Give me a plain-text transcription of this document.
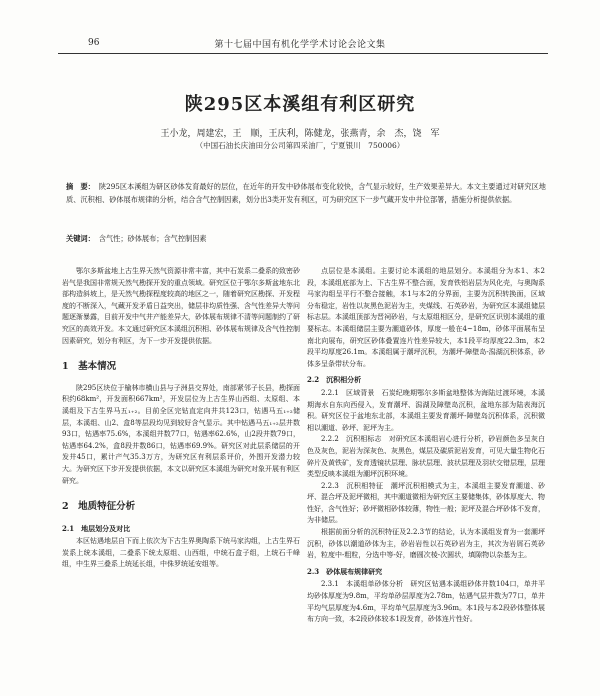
96	第十七届中国有机化学学术讨论会论文集
陕295区本溪组有利区研究
王小龙，周建宏，王　顺，王庆利，陈健龙，张燕青，余　杰，饶　军
（中国石油长庆油田分公司第四采油厂，宁夏银川　750006）
摘　要： 陕295区本溪组为研区砂体发育最好的层位，在近年的开发中砂体展布变化较快，含气显示较好，生产效果差异大。本文主要通过对研究区地质、沉积相、砂体展布规律的分析，结合含气控制因素，划分出3类开发有利区，可为研究区下一步气藏开发中井位部署，措施分析提供依据。
关键词： 含气性；砂体展布；含气控制因素

鄂尔多斯盆地上古生界天然气资源非常丰富，其中石炭系二叠系的致密砂岩气是我国非常规天然气勘探开发的重点领域。研究区位于鄂尔多斯盆地东北部构造斜坡上，是天然气勘探程度较高的地区之一，随着研究区勘探、开发程度的不断深入，气藏开发矛盾日益突出，储层非均质性强、含气性差异大等问题逐渐暴露，目前开发中气井产能差异大，砂体展布规律不清等问题制约了研究区的高效开发。本文通过研究区本溪组沉积相、砂体展布规律及含气性控制因素研究，划分有利区，为下一步开发提供依据。

1　基本情况

陕295区块位于榆林市横山县与子洲县交界处，南部紧邻子长县，勘探面积约68km²，开发面积667km²，开发层位为上古生界山西组、太原组、本溪组及下古生界马五₁₊₂。目前全区完钻直定向井共123口，钻遇马五₁₊₂储层，本溪组、山2、盒8等层段均见到较好含气显示。其中钻遇马五₁₊₂层井数93口，钻遇率75.6%，本溪组井数77口，钻遇率62.6%，山2段井数79口，钻遇率64.2%，盒8段井数86口，钻遇率69.9%。研究区对此层系储层的开发井45口，累计产气35.3万方，为研究区有利层系评价，外围开发潜力较大。为研究区下步开发提供依据，本文以研究区本溪组为研究对象开展有利区研究。

2　地质特征分析
2.1　地层划分及对比

本区钻遇地层自下而上依次为下古生界奥陶系下统马家沟组，上古生界石炭系上统本溪组，二叠系下统太原组、山西组，中统石盒子组，上统石千峰组，中生界三叠系上统延长组，中侏罗统延安组等。

点层位是本溪组。主要讨论本溪组的地层划分。本溪组分为本1、本2段，本溪组底部为上、下古生界不整合面，发育铁铝岩层为风化壳，与奥陶系马家沟组呈平行不整合接触，本1与本2的分界面，主要为沉积转换面，区域分布稳定，岩性以灰黑色泥岩为主，夹煤线、石英砂岩，为研究区本溪组储层标志层。本溪组顶部为晋祠砂岩，与太原组相区分，是研究区识别本溪组的重要标志。本溪组储层主要为潮道砂体，厚度一般在4~18m，砂体平面展布呈南北向展布，研究区砂体叠置连片性差异较大，本1段平均厚度22.3m，本2段平均厚度26.1m。本溪组属于潮坪沉积，为潮坪-障壁岛-潟湖沉积体系，砂体多呈条带状分布。

2.2　沉积相分析

2.2.1　区域背景　石炭纪晚期鄂尔多斯盆地整体为海陆过渡环境，本溪期海水自东向西侵入，发育潮坪、潟湖及障壁岛沉积，盆地东部为陆表海沉积。研究区位于盆地东北部，本溪组主要发育潮坪-障壁岛沉积体系，沉积微相以潮道、砂坪、泥坪为主。

2.2.2　沉积相标志　对研究区本溪组岩心进行分析，砂岩颜色多呈灰白色及灰色，泥岩为深灰色、灰黑色，煤层及碳质泥岩发育，可见大量生物化石碎片及黄铁矿，发育透镜状层理、脉状层理、波状层理及羽状交错层理，层理类型反映本溪组为潮坪沉积环境。

2.2.3　沉积相特征　潮坪沉积相模式为主，本溪组主要发育潮道、砂坪、混合坪及泥坪微相，其中潮道微相为研究区主要储集体，砂体厚度大、物性好，含气性好；砂坪微相砂体较薄，物性一般；泥坪及混合坪砂体不发育，为非储层。

根据前面分析的沉积特征及2.2.3节的结论，认为本溪组发育为一套潮坪沉积，砂体以潮道砂体为主，砂岩岩性以石英砂岩为主，其次为岩屑石英砂岩，粒度中-粗粒，分选中等-好，磨圆次棱-次圆状，填隙物以杂基为主。

2.3　砂体展布规律研究

2.3.1　本溪组单砂体分析　研究区钻遇本溪组砂体井数104口，单井平均砂体厚度为9.8m，平均单砂层厚度为2.78m，钻遇气层井数为77口，单井平均气层厚度为4.6m，平均单气层厚度为3.96m。本1段与本2段砂体整体展布方向一致，本2段砂体较本1段发育，砂体连片性好。
